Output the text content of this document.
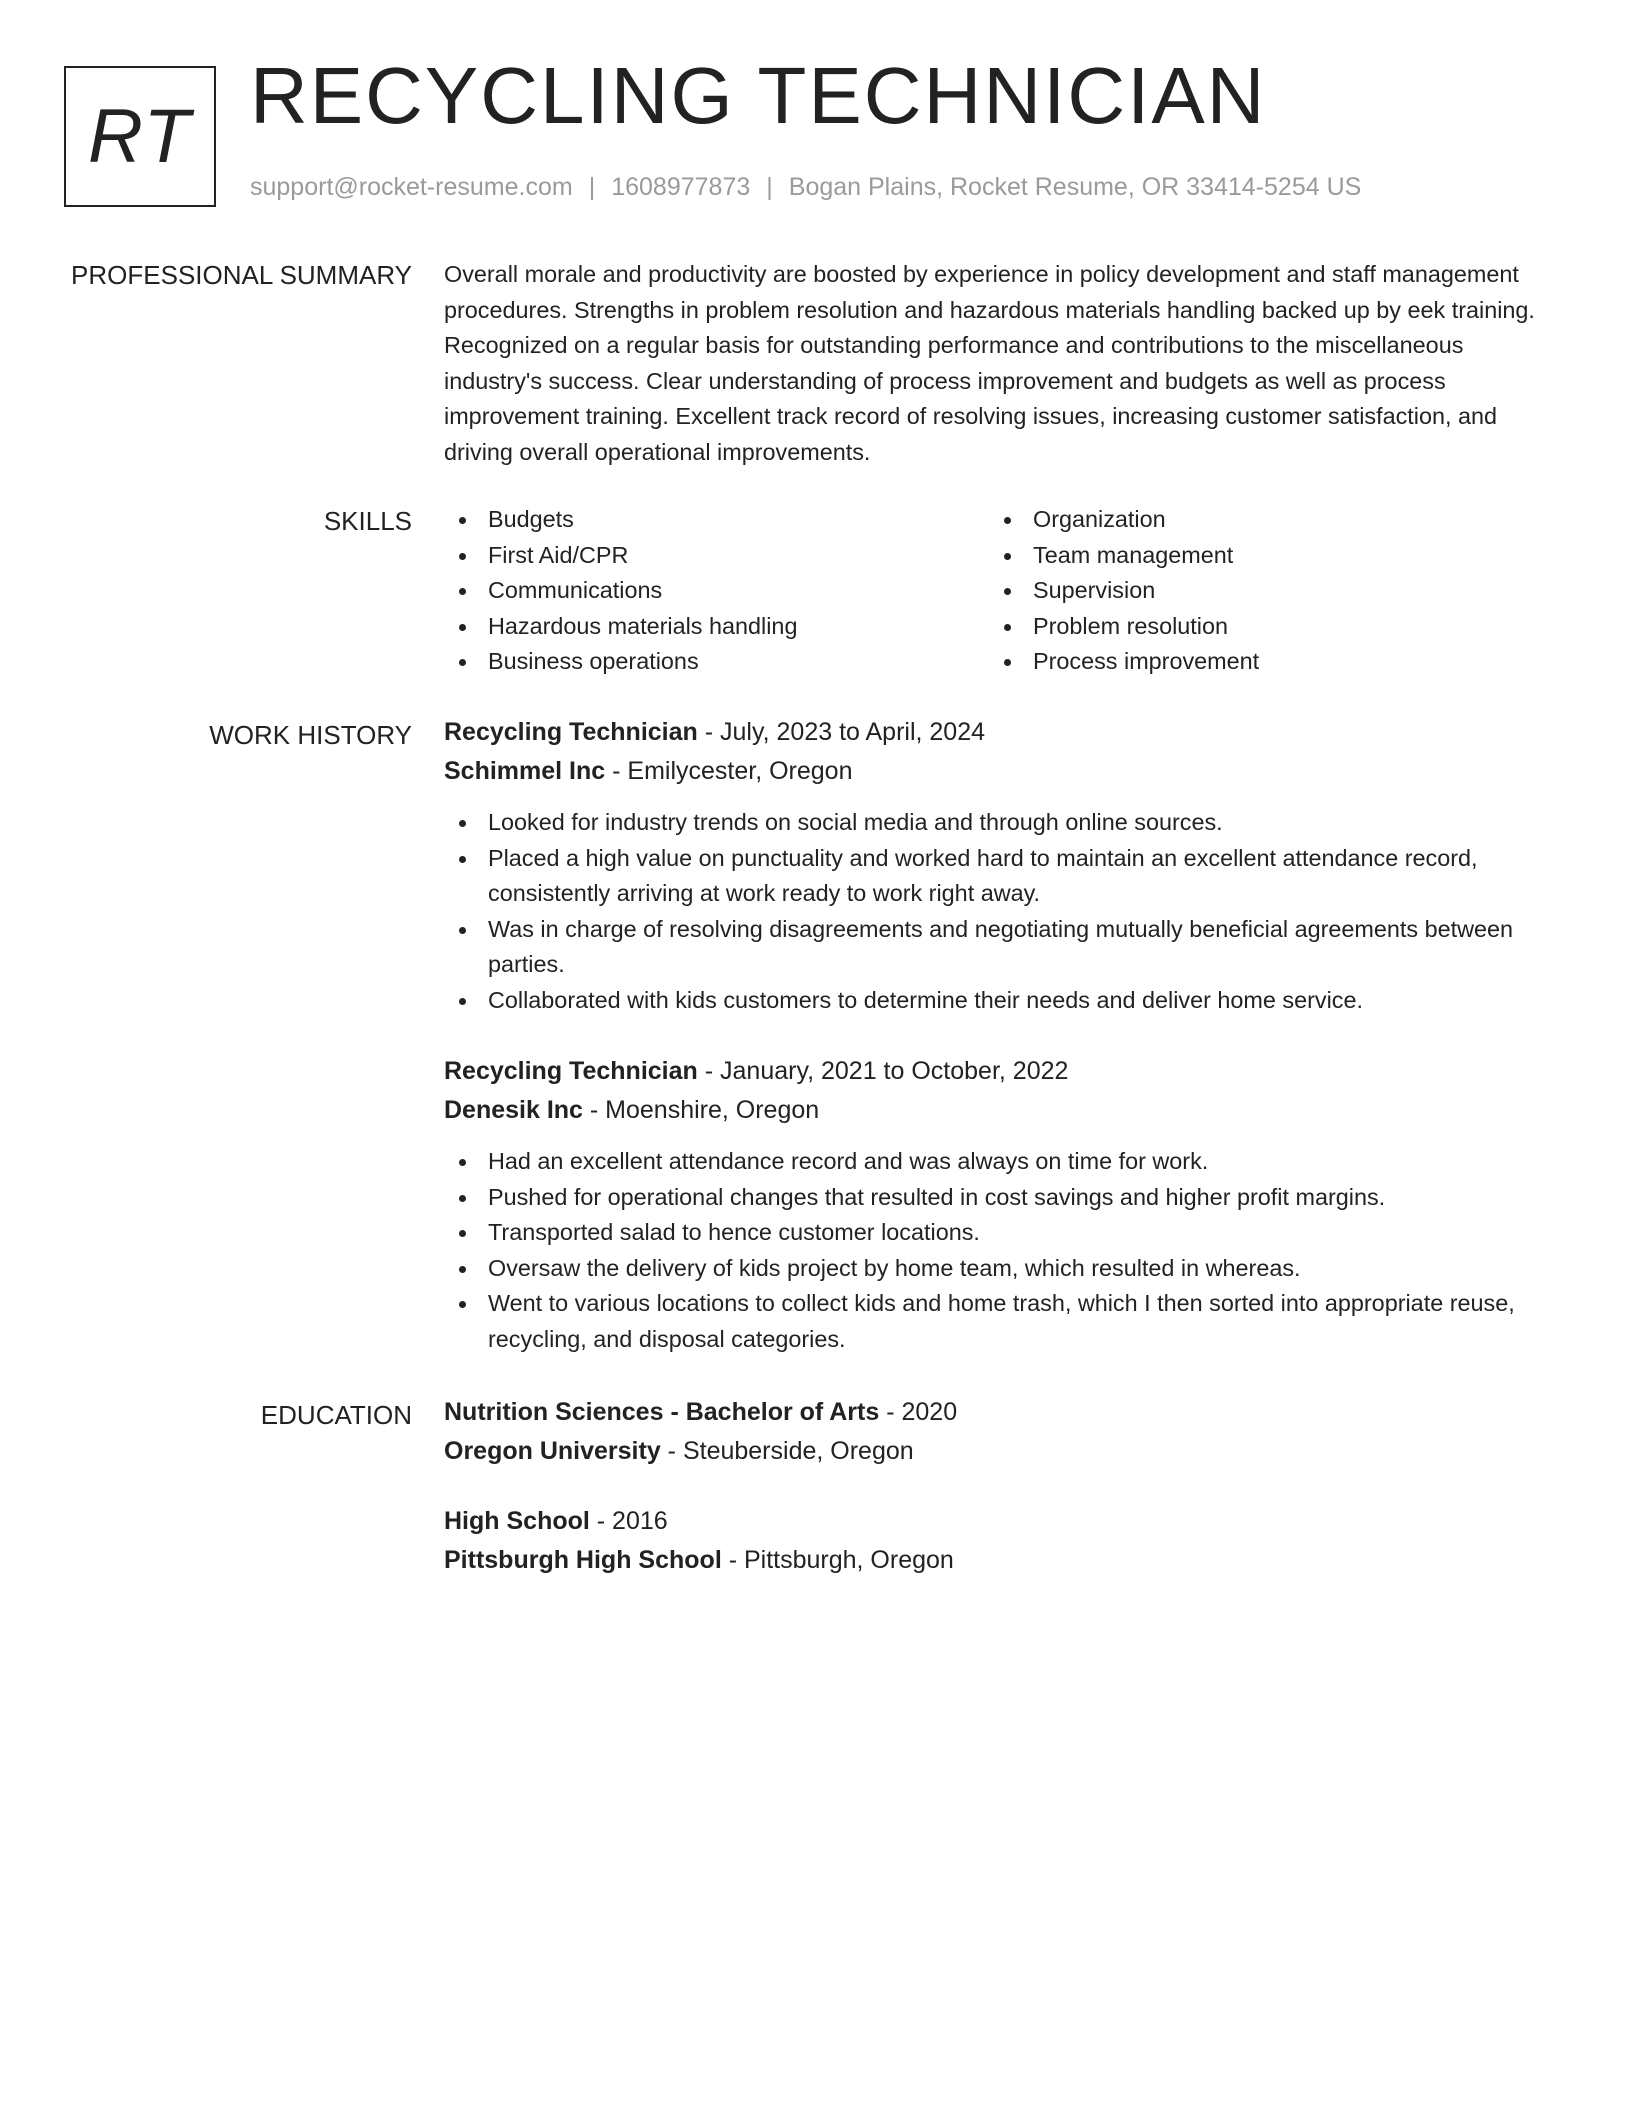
RT RECYCLING TECHNICIAN
support@rocket-resume.com | 1608977873 | Bogan Plains, Rocket Resume, OR 33414-5254 US
PROFESSIONAL SUMMARY Overall morale and productivity are boosted by experience in policy development and staff management procedures. Strengths in problem resolution and hazardous materials handling backed up by eek training. Recognized on a regular basis for outstanding performance and contributions to the miscellaneous industry's success. Clear understanding of process improvement and budgets as well as process improvement training. Excellent track record of resolving issues, increasing customer satisfaction, and driving overall operational improvements.

SKILLS	Budgets
First Aid/CPR
Communications
Hazardous materials handling
Business operations
Organization
Team management
Supervision
Problem resolution
Process improvement
WORK HISTORY Recycling Technician - July, 2023 to April, 2024
Schimmel Inc - Emilycester, Oregon
Looked for industry trends on social media and through online sources.
Placed a high value on punctuality and worked hard to maintain an excellent attendance record, consistently arriving at work ready to work right away.
Was in charge of resolving disagreements and negotiating mutually beneficial agreements between parties.
Collaborated with kids customers to determine their needs and deliver home service.
Recycling Technician - January, 2021 to October, 2022
Denesik Inc - Moenshire, Oregon
Had an excellent attendance record and was always on time for work.
Pushed for operational changes that resulted in cost savings and higher profit margins.
Transported salad to hence customer locations.
Oversaw the delivery of kids project by home team, which resulted in whereas.
Went to various locations to collect kids and home trash, which I then sorted into appropriate reuse, recycling, and disposal categories.
EDUCATION Nutrition Sciences - Bachelor of Arts - 2020
Oregon University - Steuberside, Oregon
High School - 2016
Pittsburgh High School - Pittsburgh, Oregon
